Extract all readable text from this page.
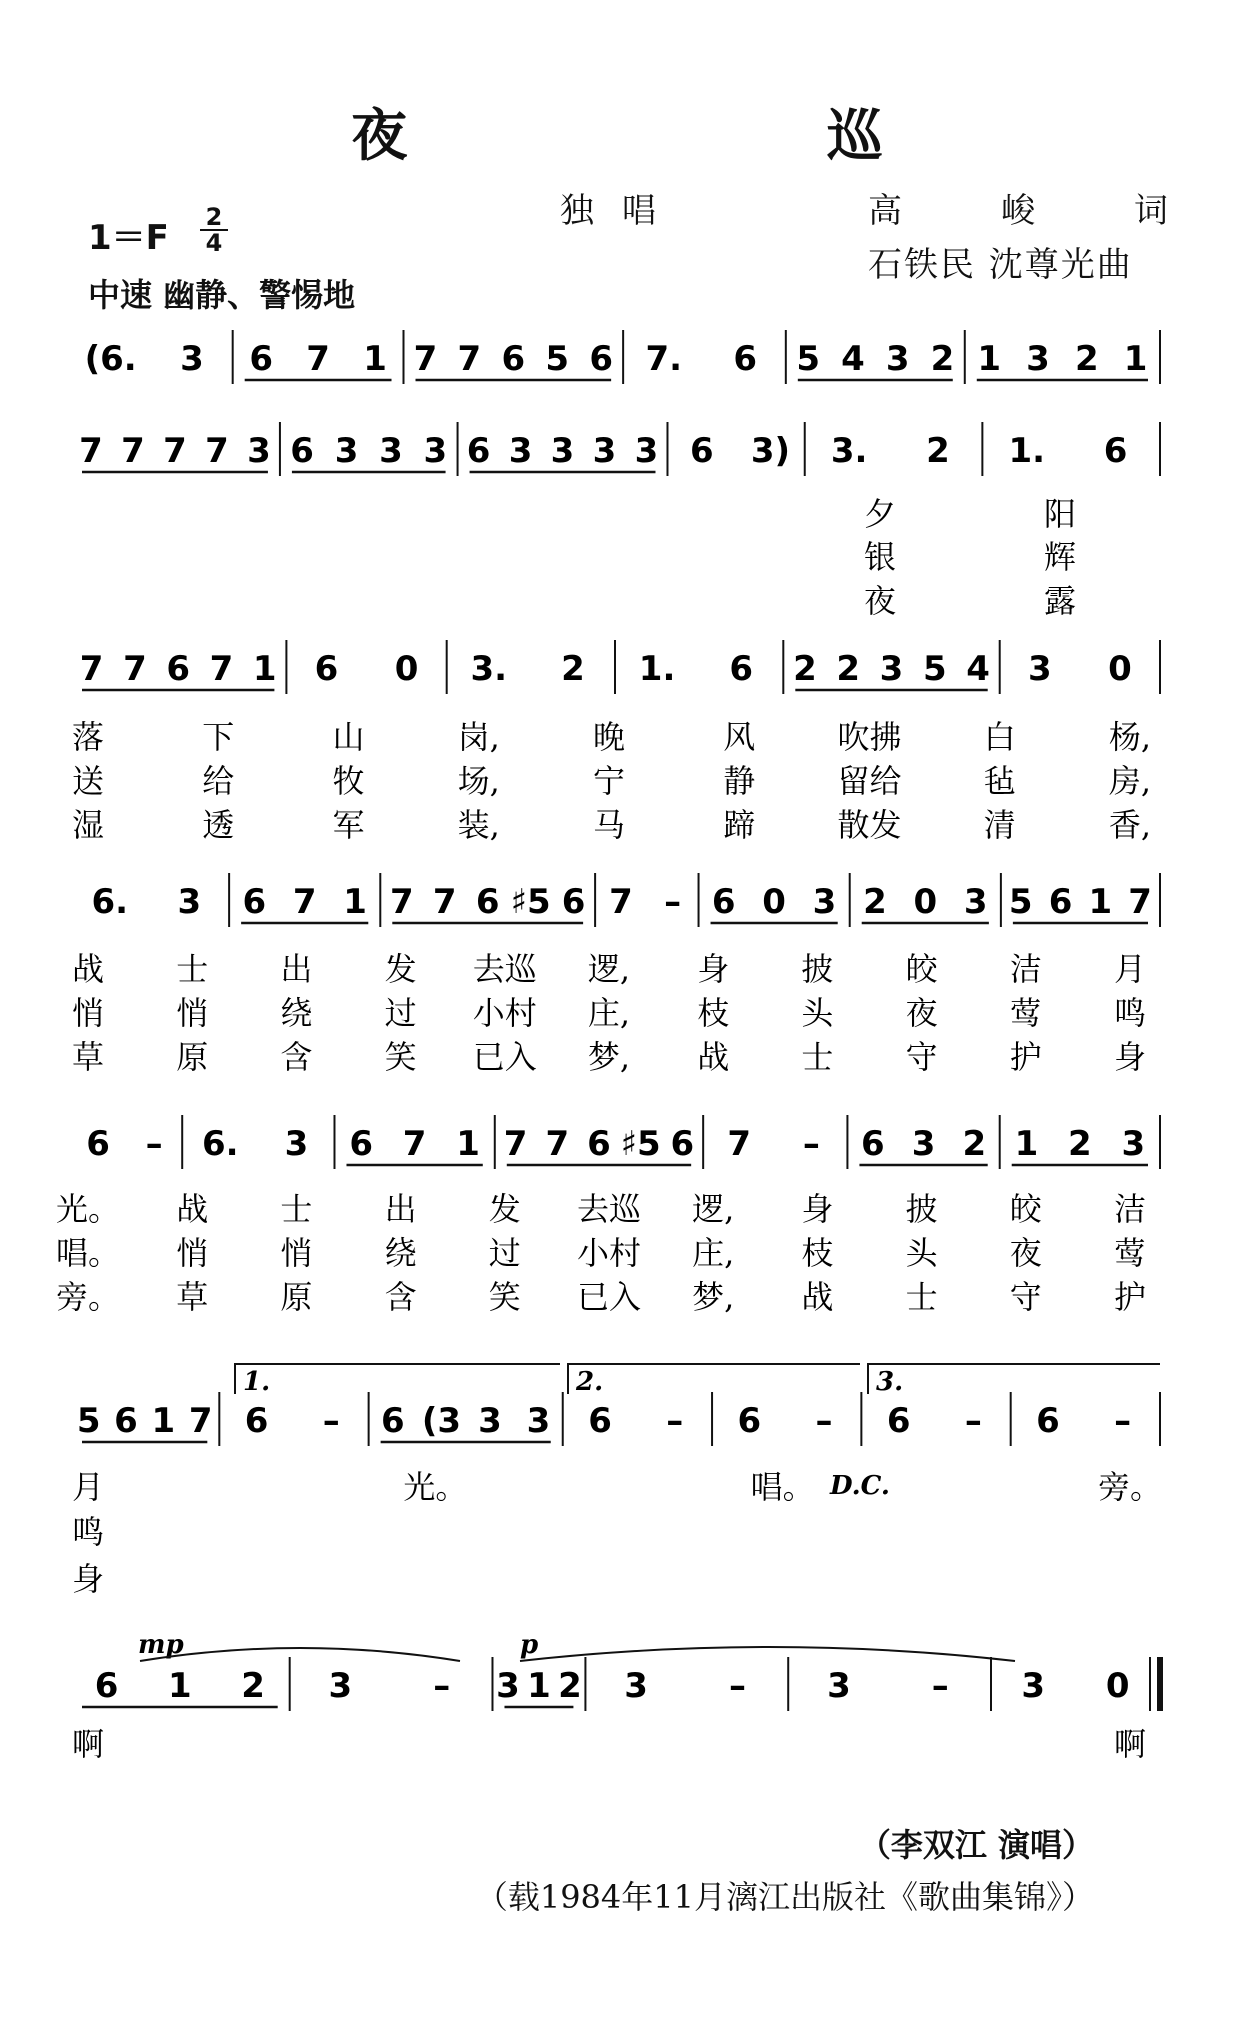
夜 巡
独唱	高峻词
石铁民 沈尊光曲
$1=F \frac{2}{4}$
中速 幽静、警惕地
(6. 3 6 7 1 7 7 6 5 6 7. 6 5 4 3 2 1 3 2 1
7 7 7 7 3 6 3 3 3 6 3 3 3 3 6 3) 3. 2 1. 6
夕	阳
银	辉
夜	露
7 7 6 7 1 6 0 3. 2 1. 6 2 2 3 5 4 3 0
落	下	山	岗,	晚	风	吹拂	白	杨,
送	给	牧	场,	宁	静	留给	毡	房,
湿	透	军	装,	马	蹄	散发	清	香,
6. 3 6 7 1 7 7 6 ♯5 6 7 – 6 0 3 2 0 3 5 6 1 7
战 士 出 发 去巡 逻, 身 披 皎 洁 月
悄 悄 绕 过 小村 庄, 枝 头 夜 莺 鸣
草 原 含 笑 已入 梦, 战 士 守 护 身
6 – 6. 3 6 7 1 7 7 6 ♯5 6 7 – 6 3 2 1 2 3
光。 战 士 出 发 去巡 逻, 身 披 皎 洁
唱。 悄 悄 绕 过 小村 庄, 枝 头 夜 莺
旁。 草 原 含 笑 已入 梦, 战 士 守 护
5 6 1 7 6 – 6 (3 3 3 6 – 6 – 6 – 6 –
月	光。	唱。	旁。
鸣
身
1.	2.	3.
D.C.
6 1 2 3 – 3 1 2 3 – 3 – 3 0
啊	啊
mp	p
（李双江 演唱）
（载1984年11月漓江出版社《歌曲集锦》）
